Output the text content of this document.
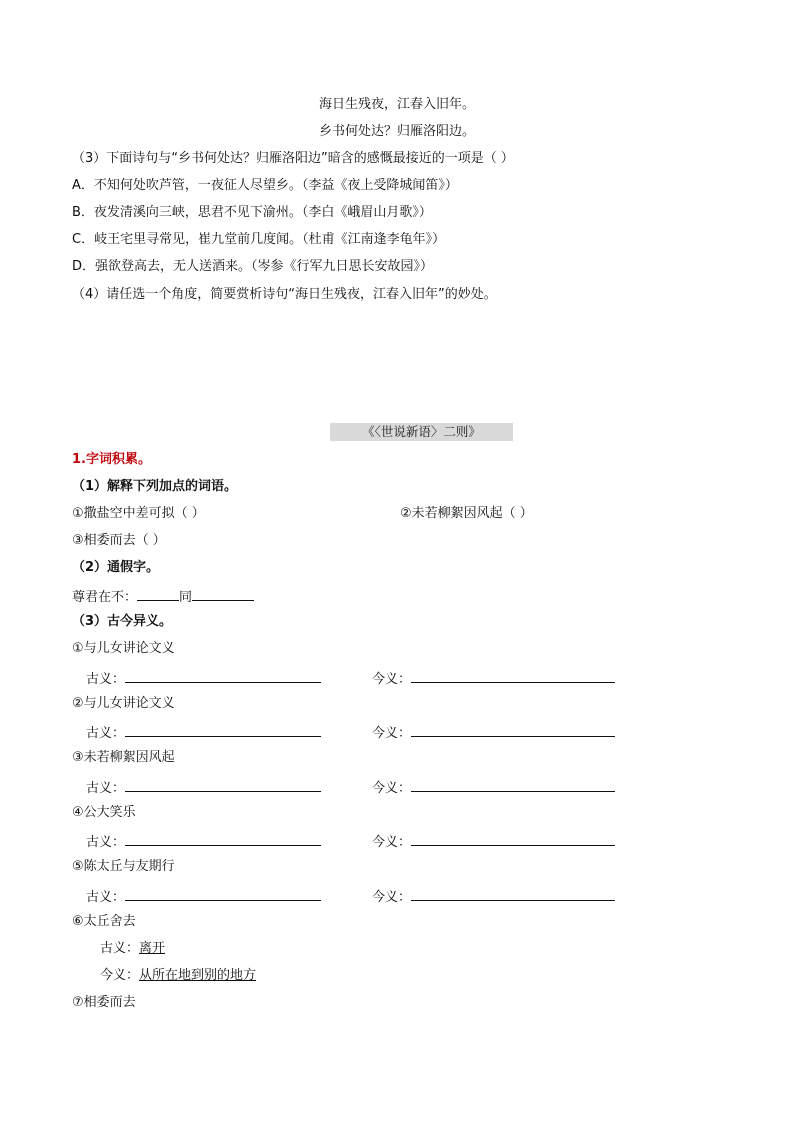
海日生残夜，江春入旧年。
乡书何处达？归雁洛阳边。
（3）下面诗句与“乡书何处达？归雁洛阳边”暗含的感慨最接近的一项是（ ）
A．不知何处吹芦管，一夜征人尽望乡。（李益《夜上受降城闻笛》）
B．夜发清溪向三峡，思君不见下渝州。（李白《峨眉山月歌》）
C．岐王宅里寻常见，崔九堂前几度闻。（杜甫《江南逢李龟年》）
D．强欲登高去，无人送酒来。（岑参《行军九日思长安故园》）
（4）请任选一个角度，简要赏析诗句“海日生残夜，江春入旧年”的妙处。
《〈世说新语〉二则》
1.字词积累。
（1）解释下列加点的词语。
①撒盐空中差可拟（ ）	②未若柳絮因风起（ ）
③相委而去（ ）
（2）通假字。
尊君在不：	同
（3）古今异义。
①与儿女讲论文义
古义：	今义：
②与儿女讲论文义
古义：	今义：
③未若柳絮因风起
古义：	今义：
④公大笑乐
古义：	今义：
⑤陈太丘与友期行
古义：	今义：
⑥太丘舍去
古义：离开
今义：从所在地到别的地方
⑦相委而去
